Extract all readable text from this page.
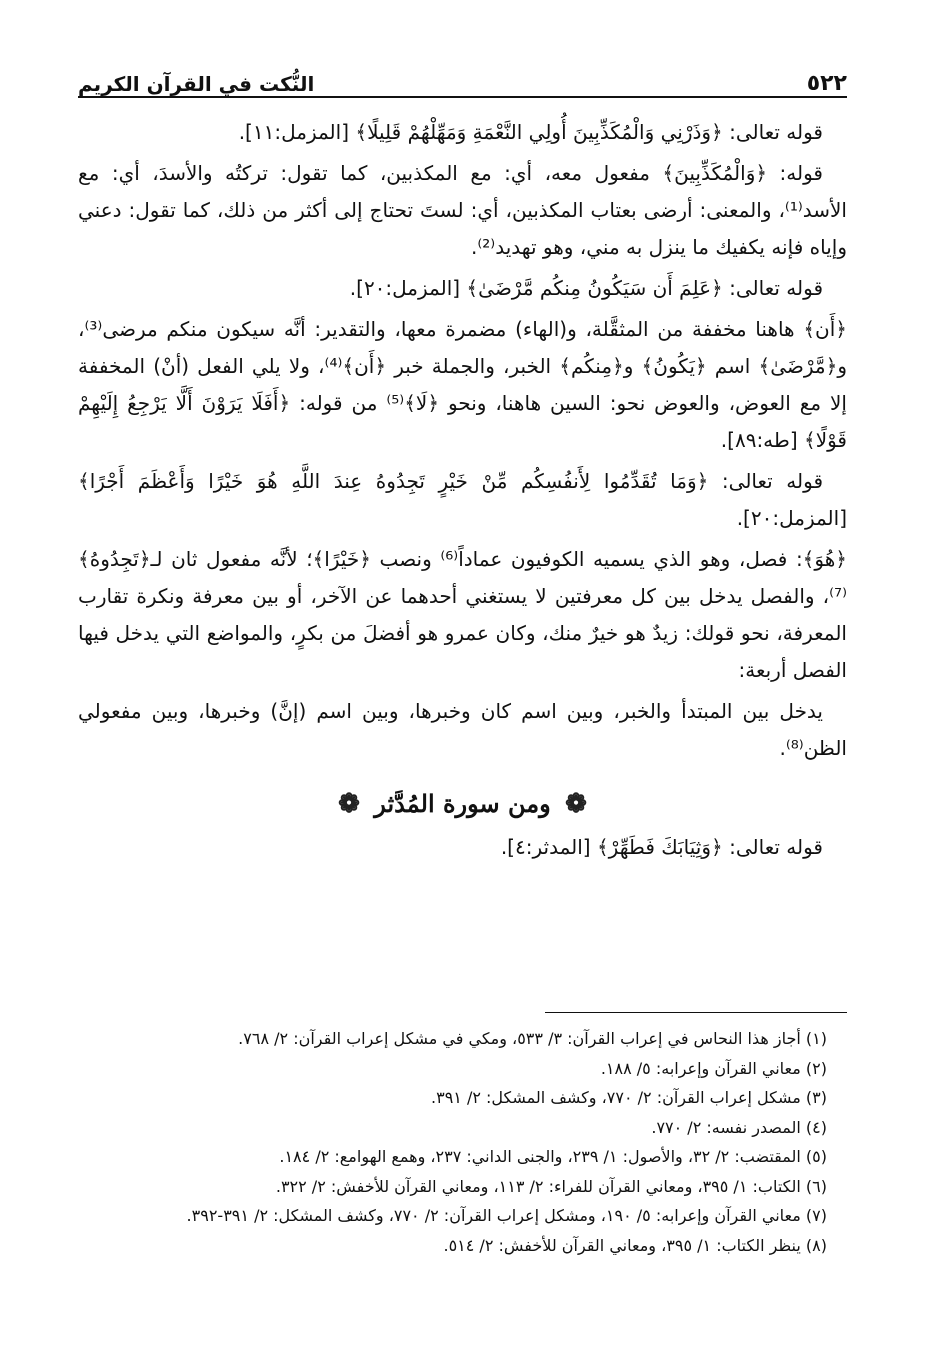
٥٢٢
النُّكت في القرآن الكريم

قوله تعالى: ﴿وَذَرْنِي وَالْمُكَذِّبِينَ أُولِي النَّعْمَةِ وَمَهِّلْهُمْ قَلِيلًا﴾ [المزمل:١١].

قوله: ﴿وَالْمُكَذِّبِينَ﴾ مفعول معه، أي: مع المكذبين، كما تقول: تركتُه والأسدَ، أي: مع الأسد⁽¹⁾، والمعنى: أرضى بعتاب المكذبين، أي: لستَ تحتاج إلى أكثر من ذلك، كما تقول: دعني وإياه فإنه يكفيك ما ينزل به مني، وهو تهديد⁽²⁾.

قوله تعالى: ﴿عَلِمَ أَن سَيَكُونُ مِنكُم مَّرْضَىٰ﴾ [المزمل:٢٠].

﴿أَن﴾ هاهنا مخففة من المثقَّلة، و(الهاء) مضمرة معها، والتقدير: أنَّه سيكون منكم مرضى⁽³⁾، و﴿مَّرْضَىٰ﴾ اسم ﴿يَكُونُ﴾ و﴿مِنكُم﴾ الخبر، والجملة خبر ﴿أَن﴾⁽⁴⁾، ولا يلي الفعل (أنْ) المخففة إلا مع العوض، والعوض نحو: السين هاهنا، ونحو ﴿لَا﴾⁽⁵⁾ من قوله: ﴿أَفَلَا يَرَوْنَ أَلَّا يَرْجِعُ إِلَيْهِمْ قَوْلًا﴾ [طه:٨٩].

قوله تعالى: ﴿وَمَا تُقَدِّمُوا لِأَنفُسِكُم مِّنْ خَيْرٍ تَجِدُوهُ عِندَ اللَّهِ هُوَ خَيْرًا وَأَعْظَمَ أَجْرًا﴾ [المزمل:٢٠].

﴿هُوَ﴾: فصل، وهو الذي يسميه الكوفيون عماداً⁽⁶⁾ ونصب ﴿خَيْرًا﴾؛ لأنَّه مفعول ثان لـ﴿تَجِدُوهُ﴾ ⁽⁷⁾، والفصل يدخل بين كل معرفتين لا يستغني أحدهما عن الآخر، أو بين معرفة ونكرة تقارب المعرفة، نحو قولك: زيدٌ هو خيرٌ منك، وكان عمرو هو أفضلَ من بكرٍ، والمواضع التي يدخل فيها الفصل أربعة:

يدخل بين المبتدأ والخبر، وبين اسم كان وخبرها، وبين اسم (إنَّ) وخبرها، وبين مفعولي الظن⁽⁸⁾.

❁ ومن سورة المُدَّثر ❁

قوله تعالى: ﴿وَثِيَابَكَ فَطَهِّرْ﴾ [المدثر:٤].

(١) أجاز هذا النحاس في إعراب القرآن: ٣/ ٥٣٣، ومكي في مشكل إعراب القرآن: ٢/ ٧٦٨.

(٢) معاني القرآن وإعرابه: ٥/ ١٨٨.

(٣) مشكل إعراب القرآن: ٢/ ٧٧٠، وكشف المشكل: ٢/ ٣٩١.

(٤) المصدر نفسه: ٢/ ٧٧٠.

(٥) المقتضب: ٢/ ٣٢، والأصول: ١/ ٢٣٩، والجنى الداني: ٢٣٧، وهمع الهوامع: ٢/ ١٨٤.

(٦) الكتاب: ١/ ٣٩٥، ومعاني القرآن للفراء: ٢/ ١١٣، ومعاني القرآن للأخفش: ٢/ ٣٢٢.

(٧) معاني القرآن وإعرابه: ٥/ ١٩٠، ومشكل إعراب القرآن: ٢/ ٧٧٠، وكشف المشكل: ٢/ ٣٩١-٣٩٢.

(٨) ينظر الكتاب: ١/ ٣٩٥، ومعاني القرآن للأخفش: ٢/ ٥١٤.
